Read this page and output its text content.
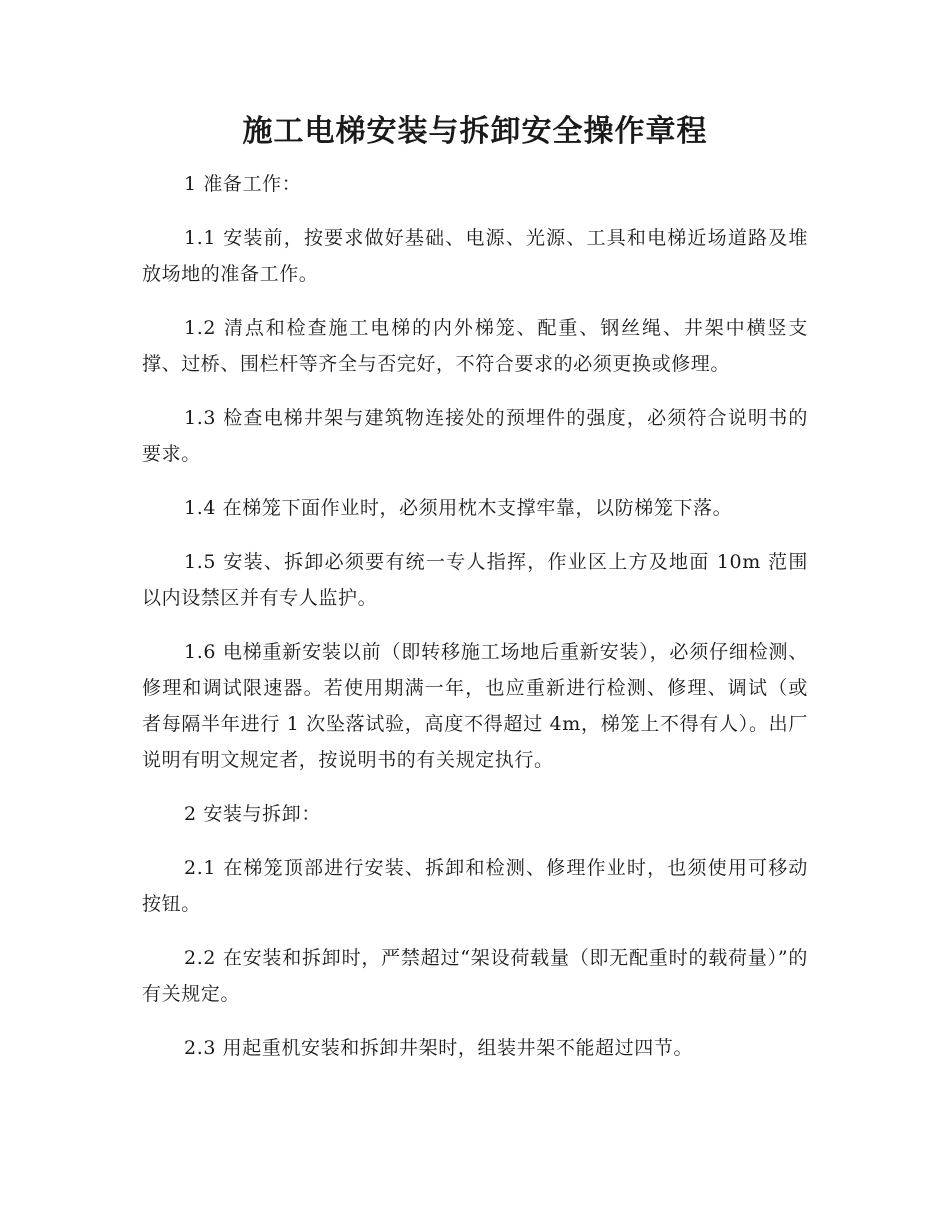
施工电梯安装与拆卸安全操作章程

1 准备工作：

1.1 安装前，按要求做好基础、电源、光源、工具和电梯近场道路及堆放场地的准备工作。

1.2 清点和检查施工电梯的内外梯笼、配重、钢丝绳、井架中横竖支撑、过桥、围栏杆等齐全与否完好，不符合要求的必须更换或修理。

1.3 检查电梯井架与建筑物连接处的预埋件的强度，必须符合说明书的要求。

1.4 在梯笼下面作业时，必须用枕木支撑牢靠，以防梯笼下落。

1.5 安装、拆卸必须要有统一专人指挥，作业区上方及地面 10m 范围以内设禁区并有专人监护。

1.6 电梯重新安装以前（即转移施工场地后重新安装），必须仔细检测、修理和调试限速器。若使用期满一年，也应重新进行检测、修理、调试（或者每隔半年进行 1 次坠落试验，高度不得超过 4m，梯笼上不得有人）。出厂说明有明文规定者，按说明书的有关规定执行。

2 安装与拆卸：

2.1 在梯笼顶部进行安装、拆卸和检测、修理作业时，也须使用可移动按钮。

2.2 在安装和拆卸时，严禁超过“架设荷载量（即无配重时的载荷量）”的有关规定。

2.3 用起重机安装和拆卸井架时，组装井架不能超过四节。
